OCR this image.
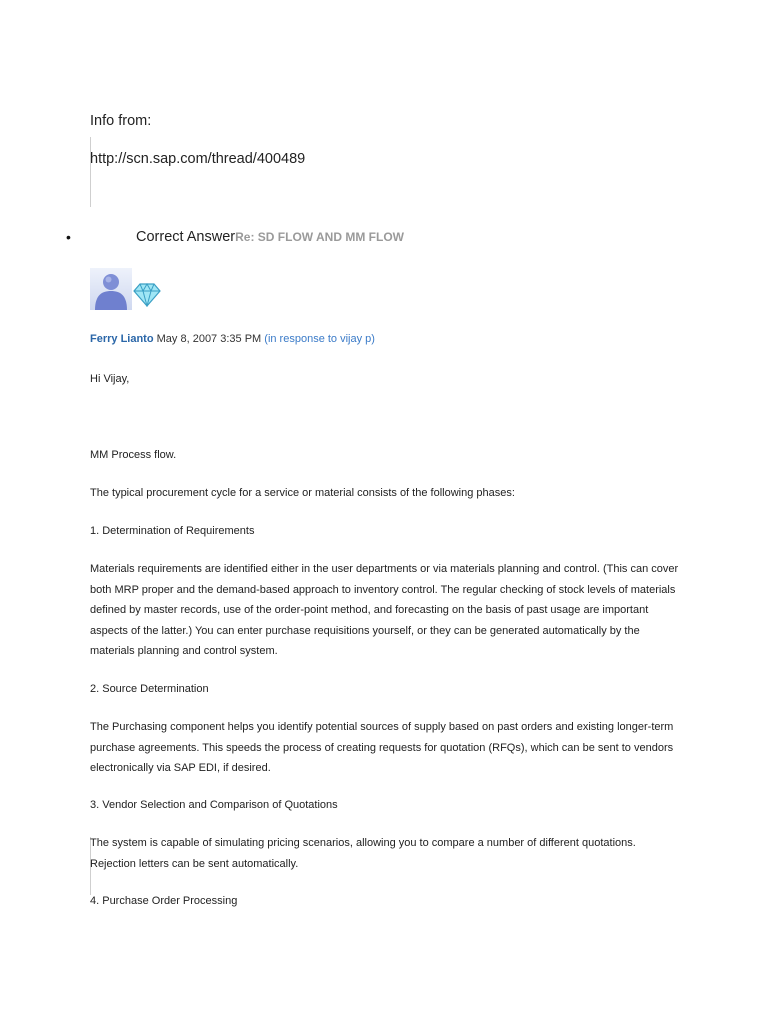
Info from:
http://scn.sap.com/thread/400489
•	Correct AnswerRe: SD FLOW AND MM FLOW
Ferry Lianto May 8, 2007 3:35 PM (in response to vijay p)

Hi Vijay,

MM Process flow.

The typical procurement cycle for a service or material consists of the following phases:

1. Determination of Requirements

Materials requirements are identified either in the user departments or via materials planning and control. (This can cover both MRP proper and the demand-based approach to inventory control. The regular checking of stock levels of materials defined by master records, use of the order-point method, and forecasting on the basis of past usage are important aspects of the latter.) You can enter purchase requisitions yourself, or they can be generated automatically by the materials planning and control system.

2. Source Determination

The Purchasing component helps you identify potential sources of supply based on past orders and existing longer-term purchase agreements. This speeds the process of creating requests for quotation (RFQs), which can be sent to vendors electronically via SAP EDI, if desired.

3. Vendor Selection and Comparison of Quotations

The system is capable of simulating pricing scenarios, allowing you to compare a number of different quotations. Rejection letters can be sent automatically.

4. Purchase Order Processing
